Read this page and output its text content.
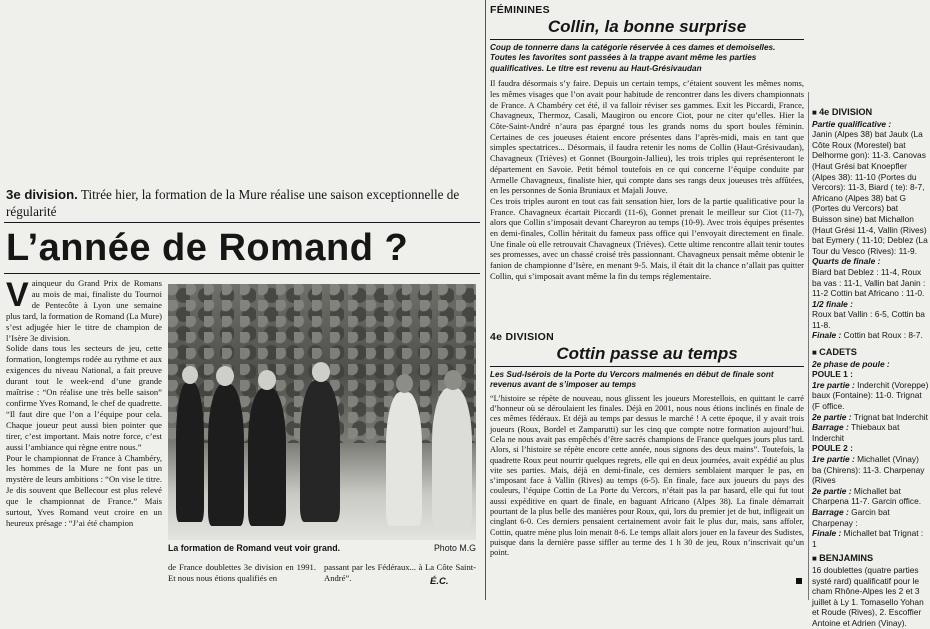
3e division. Titrée hier, la formation de la Mure réalise une saison exceptionnelle de régularité
L’année de Romand ?
V ainqueur du Grand Prix de Romans au mois de mai, finaliste du Tournoi de Pentecôte à Lyon une semaine plus tard, la formation de Romand (La Mure) s’est adjugée hier le titre de champion de l’Isère 3e division.
Solide dans tous les secteurs de jeu, cette formation, longtemps rodée au rythme et aux exigences du niveau National, a fait preuve durant tout le week-end d’une grande maîtrise : “On réalise une très belle saison” confirme Yves Romand, le chef de quadrette. “Il faut dire que l’on a l’équipe pour cela. Chaque joueur peut aussi bien pointer que tirer, c’est important. Mais notre force, c’est aussi l’ambiance qui règne entre nous.”
Pour le championnat de France à Chambéry, les hommes de la Mure ne font pas un mystère de leurs ambitions : “On vise le titre. Je dis souvent que Bellecour est plus relevé que le championnat de France.” Mais surtout, Yves Romand veut croire en un heureux présage : “J’ai été champion
La formation de Romand veut voir grand.	Photo M.G
de France doublettes 3e division en 1991. Et nous nous étions qualifiés en
passant par les Fédéraux... à La Côte Saint-André”.	É.C.
FÉMININES
Collin, la bonne surprise
Coup de tonnerre dans la catégorie réservée à ces dames et demoiselles. Toutes les favorites sont passées à la trappe avant même les parties qualificatives. Le titre est revenu au Haut-Grésivaudan
Il faudra désormais s’y faire. Depuis un certain temps, c’étaient souvent les mêmes noms, les mêmes visages que l’on avait pour habitude de rencontrer dans les divers championnats de France. A Chambéry cet été, il va falloir réviser ses gammes. Exit les Piccardi, France, Chavagneux, Thermoz, Casali, Maugiron ou encore Ciot, pour ne citer qu’elles. Hier la Côte-Saint-André n’aura pas épargné tous les grands noms du sport boules féminin. Certaines de ces joueuses étaient encore présentes dans l’après-midi, mais en tant que simples spectatrices... Désormais, il faudra retenir les noms de Collin (Haut-Grésivaudan), Chavagneux (Trièves) et Gonnet (Bourgoin-Jallieu), les trois triples qui représenteront le département en Savoie. Petit bémol toutefois en ce qui concerne l’équipe conduite par Armelle Chavagneux, finaliste hier, qui compte dans ses rangs deux joueuses très affûtées, en les personnes de Sonia Bruniaux et Majali Jouve.
Ces trois triples auront en tout cas fait sensation hier, lors de la partie qualificative pour la France. Chavagneux écartait Piccardi (11-6), Gonnet prenait le meilleur sur Ciot (11-7), alors que Collin s’imposait devant Chareyron au temps (10-9). Avec trois équipes présentes en demi-finales, Collin héritait du fameux pass office qui l’envoyait directement en finale. Une finale où elle retrouvait Chavagneux (Trièves). Cette ultime rencontre allait tenir toutes ses promesses, avec un chassé croisé très passionnant. Chavagneux pensait même obtenir le fanion de championne d’Isère, en menant 9-5. Mais, il était dit la chance n’allait pas quitter Collin, qui s’imposait avant même la fin du temps réglementaire.
4e DIVISION
Cottin passe au temps
Les Sud-Isérois de la Porte du Vercors malmenés en début de finale sont revenus avant de s’imposer au temps
“L’histoire se répète de nouveau, nous glissent les joueurs Morestellois, en quittant le carré d’honneur où se déroulaient les finales. Déjà en 2001, nous nous étions inclinés en finale de ces mêmes fédéraux. Et déjà au temps par dessus le marché ! A cette époque, il y avait trois joueurs (Roux, Bordel et Zamparutti) sur les cinq que compte notre formation aujourd’hui. Cela ne nous avait pas empêchés d’être sacrés champions de France quelques jours plus tard. Alors, si l’histoire se répète encore cette année, nous signons des deux mains”. Toutefois, la quadrette Roux peut nourrir quelques regrets, elle qui en deux journées, avait expédié au plus vite ses parties. Mais, déjà en demi-finale, ces derniers semblaient marquer le pas, en s’imposant face à Vallin (Rives) au temps (6-5). En finale, face aux joueurs du pays des couleurs, l’équipe Cottin de La Porte du Vercors, n’était pas la par hasard, elle qui fut tout aussi expéditive en quart de finale, en baguant Africano (Alpes 38). La finale démarrait pourtant de la plus belle des manières pour Roux, qui, lors du premier jet de but, infligeait un cinglant 6-0. Ces derniers pensaient certainement avoir fait le plus dur, mais, sans affoler, Cottin, quatre mène plus loin menait 8-6. Le temps allait alors jouer en la faveur des Sudistes, puisque dans la dernière passe siffler au terme des 1 h 30 de jeu, Roux n’inscrivait qu’un point.
■ 4e DIVISION
Partie qualificative :
Janin (Alpes 38) bat Jaulx (La Côte Roux (Morestel) bat Delhorme gon): 11-3. Canovas (Haut Grési bat Knoepfler (Alpes 38): 11-10 (Portes du Vercors): 11-3, Biard ( te): 8-7, Africano (Alpes 38) bat G (Portes du Vercors) bat Buisson sine) bat Michallon (Haut Grési 11-4, Vallin (Rives) bat Eymery ( 11-10; Deblez (La Tour du Vesco (Rives): 11-9.
Quarts de finale :
Biard bat Deblez : 11-4, Roux ba vas : 11-1, Vallin bat Janin : 11-2 Cottin bat Africano : 11-0.
1/2 finale :
Roux bat Vallin : 6-5, Cottin ba 11-8.
Finale : Cottin bat Roux : 8-7.
■ CADETS
2e phase de poule :
POULE 1 :
1re partie : Inderchit (Voreppe) baux (Fontaine): 11-0. Trignat (F office.
2e partie : Trignat bat Inderchit
Barrage : Thiebaux bat Inderchit
POULE 2 :
1re partie : Michallet (Vinay) ba (Chirens): 11-3. Charpenay (Rives
2e partie : Michallet bat Charpena 11-7. Garcin office.
Barrage : Garcin bat Charpenay :
Finale : Michallet bat Trignat : 1
■ BENJAMINS
16 doublettes (quatre parties systé rard) qualificatif pour le cham Rhône-Alpes les 2 et 3 juillet à Ly 1. Tomasello Yohan et Roude (Rives), 2. Escoffier Antoine et Adrien (Vinay).
